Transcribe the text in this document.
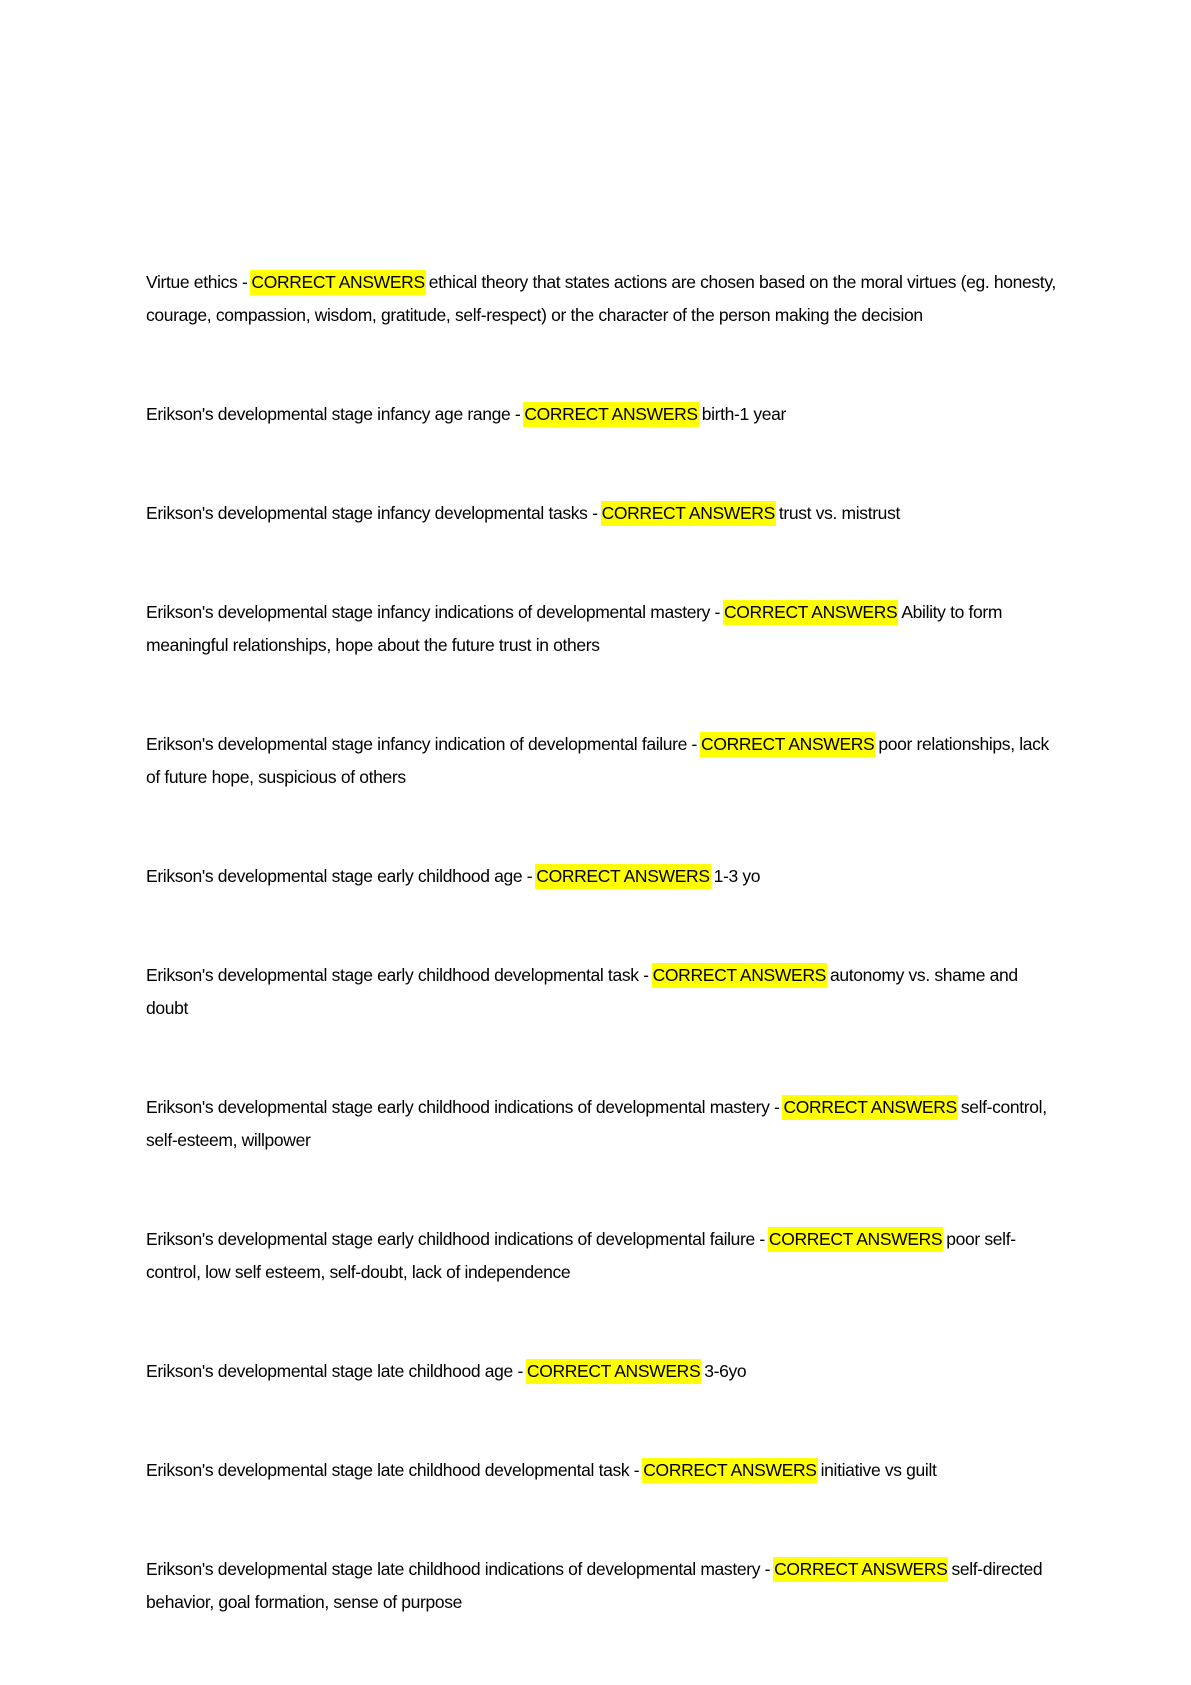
Virtue ethics - CORRECT ANSWERS ethical theory that states actions are chosen based on the moral virtues (eg. honesty, courage, compassion, wisdom, gratitude, self-respect) or the character of the person making the decision

Erikson's developmental stage infancy age range - CORRECT ANSWERS birth-1 year

Erikson's developmental stage infancy developmental tasks - CORRECT ANSWERS trust vs. mistrust

Erikson's developmental stage infancy indications of developmental mastery - CORRECT ANSWERS Ability to form meaningful relationships, hope about the future trust in others

Erikson's developmental stage infancy indication of developmental failure - CORRECT ANSWERS poor relationships, lack of future hope, suspicious of others

Erikson's developmental stage early childhood age - CORRECT ANSWERS 1-3 yo

Erikson's developmental stage early childhood developmental task - CORRECT ANSWERS autonomy vs. shame and doubt

Erikson's developmental stage early childhood indications of developmental mastery - CORRECT ANSWERS self-control, self-esteem, willpower

Erikson's developmental stage early childhood indications of developmental failure - CORRECT ANSWERS poor self-control, low self esteem, self-doubt, lack of independence

Erikson's developmental stage late childhood age - CORRECT ANSWERS 3-6yo

Erikson's developmental stage late childhood developmental task - CORRECT ANSWERS initiative vs guilt

Erikson's developmental stage late childhood indications of developmental mastery - CORRECT ANSWERS self-directed behavior, goal formation, sense of purpose
